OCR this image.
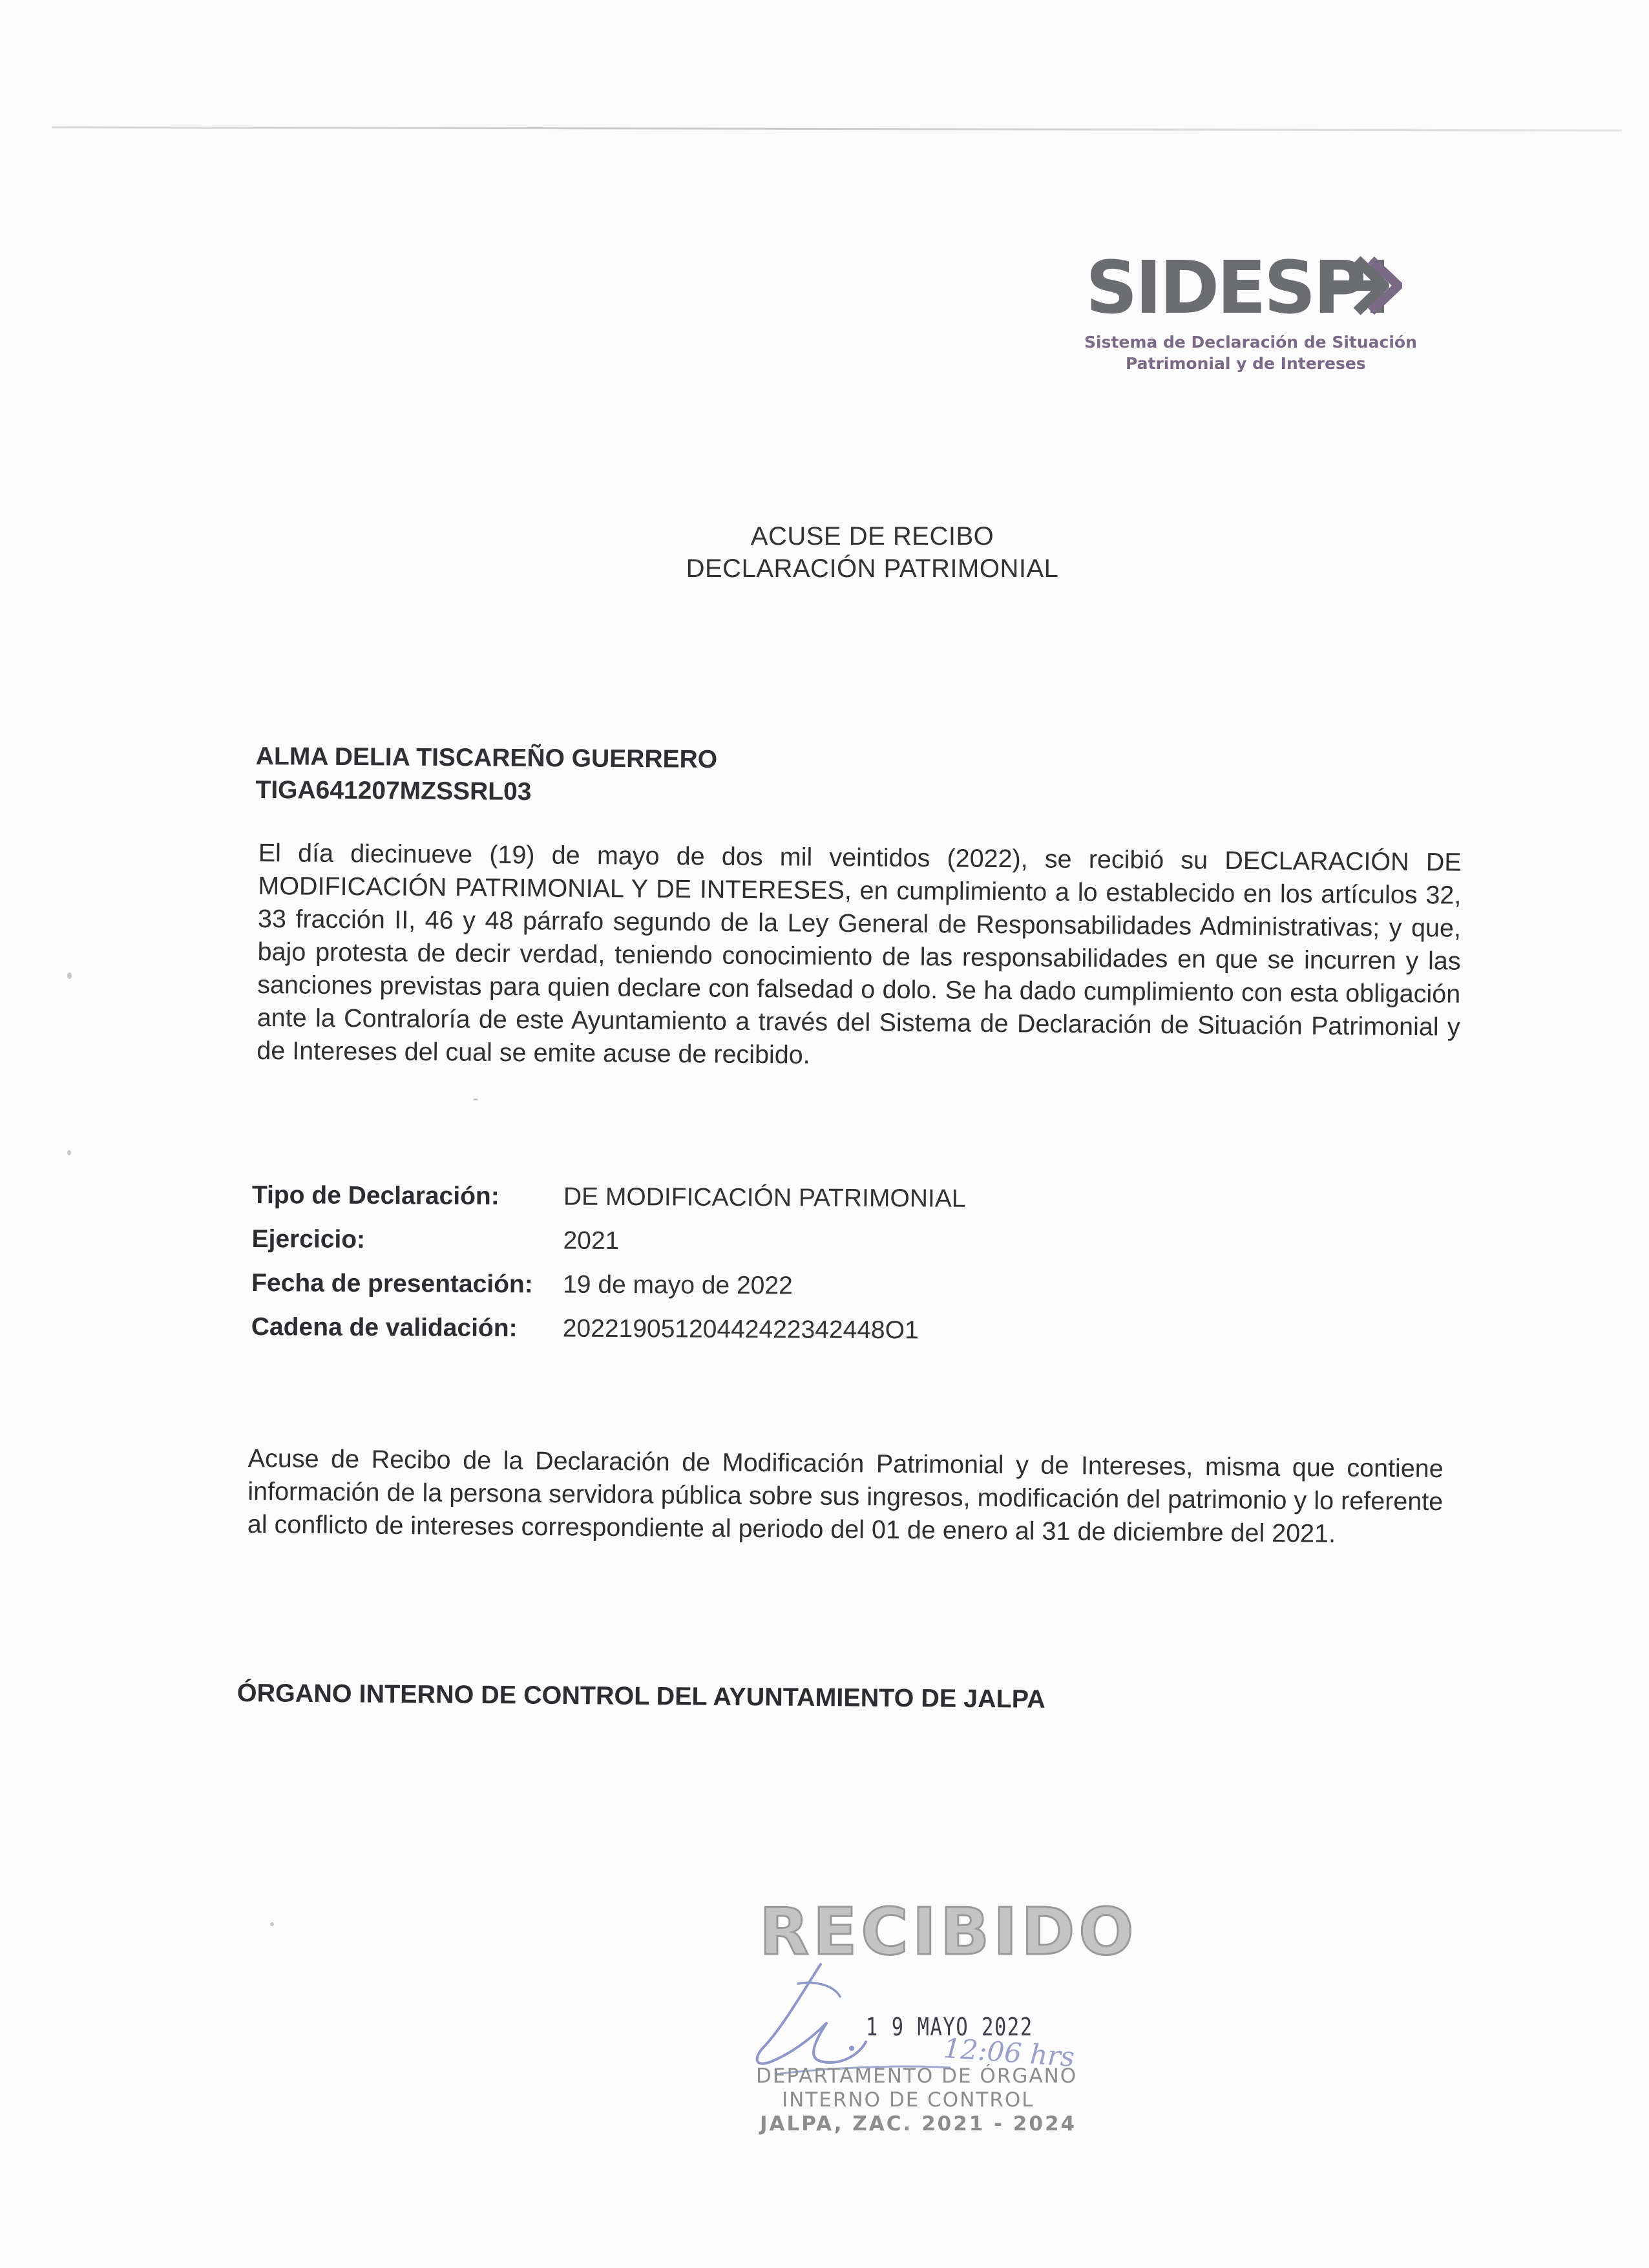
SIDESPI
Sistema de Declaración de Situación
Patrimonial y de Intereses
ACUSE DE RECIBO
DECLARACIÓN PATRIMONIAL
ALMA DELIA TISCAREÑO GUERRERO
TIGA641207MZSSRL03
El día diecinueve (19) de mayo de dos mil veintidos (2022), se recibió su DECLARACIÓN DE MODIFICACIÓN PATRIMONIAL Y DE INTERESES, en cumplimiento a lo establecido en los artículos 32, 33 fracción II, 46 y 48 párrafo segundo de la Ley General de Responsabilidades Administrativas; y que, bajo protesta de decir verdad, teniendo conocimiento de las responsabilidades en que se incurren y las sanciones previstas para quien declare con falsedad o dolo. Se ha dado cumplimiento con esta obligación ante la Contraloría de este Ayuntamiento a través del Sistema de Declaración de Situación Patrimonial y de Intereses del cual se emite acuse de recibido.
Tipo de Declaración:	DE MODIFICACIÓN PATRIMONIAL
Ejercicio:	2021
Fecha de presentación:	19 de mayo de 2022
Cadena de validación:	20221905120442422342448O1
Acuse de Recibo de la Declaración de Modificación Patrimonial y de Intereses, misma que contiene información de la persona servidora pública sobre sus ingresos, modificación del patrimonio y lo referente al conflicto de intereses correspondiente al periodo del 01 de enero al 31 de diciembre del 2021.
ÓRGANO INTERNO DE CONTROL DEL AYUNTAMIENTO DE JALPA
RECIBIDO
1 9 MAYO 2022
12:06 hrs
DEPARTAMENTO DE ÓRGANO
INTERNO DE CONTROL
JALPA, ZAC. 2021 - 2024
